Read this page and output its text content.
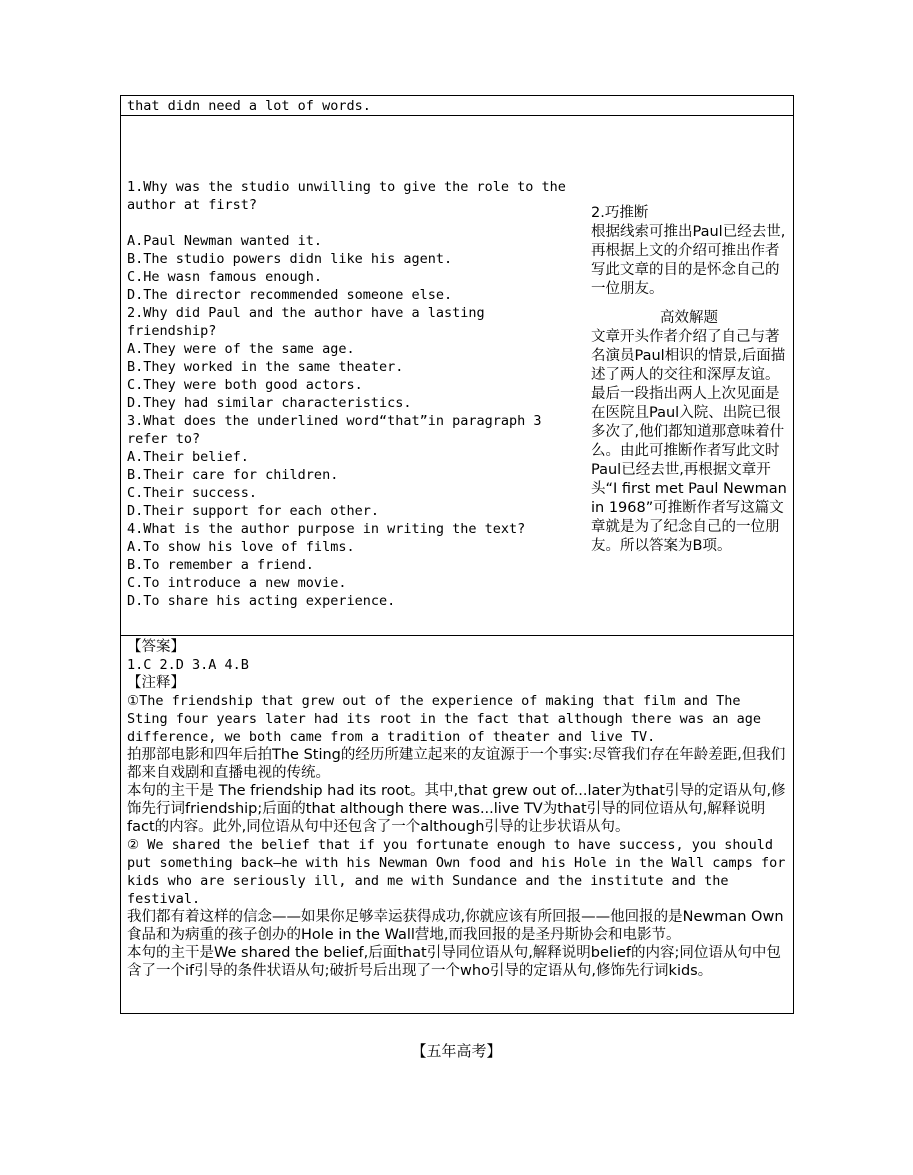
that didn need a lot of words.

1.Why was the studio unwilling to give the role to the author at first?

A.Paul Newman wanted it.

B.The studio powers didn like his agent.

C.He wasn famous enough.

D.The director recommended someone else.

2.Why did Paul and the author have a lasting friendship?

A.They were of the same age.

B.They worked in the same theater.

C.They were both good actors.

D.They had similar characteristics.

3.What does the underlined word“that”in paragraph 3 refer to?

A.Their belief.

B.Their care for children.

C.Their success.

D.Their support for each other.

4.What is the author purpose in writing the text?

A.To show his love of films.

B.To remember a friend.

C.To introduce a new movie.

D.To share his acting experience.

2.巧推断
根据线索可推出Paul已经去世,再根据上文的介绍可推出作者写此文章的目的是怀念自己的一位朋友。
高效解题
文章开头作者介绍了自己与著名演员Paul相识的情景,后面描述了两人的交往和深厚友谊。最后一段指出两人上次见面是在医院且Paul入院、出院已很多次了,他们都知道那意味着什么。由此可推断作者写此文时Paul已经去世,再根据文章开头“I first met Paul Newman in 1968”可推断作者写这篇文章就是为了纪念自己的一位朋友。所以答案为B项。

【答案】

1.C 2.D 3.A 4.B

【注释】

①The friendship that grew out of the experience of making that film and The Sting four years later had its root in the fact that although there was an age difference, we both came from a tradition of theater and live TV.

拍那部电影和四年后拍The Sting的经历所建立起来的友谊源于一个事实:尽管我们存在年龄差距,但我们都来自戏剧和直播电视的传统。

本句的主干是 The friendship had its root。其中,that grew out of...later为that引导的定语从句,修饰先行词friendship;后面的that although there was...live TV为that引导的同位语从句,解释说明fact的内容。此外,同位语从句中还包含了一个although引导的让步状语从句。

② We shared the belief that if you fortunate enough to have success, you should put something back—he with his Newman Own food and his Hole in the Wall camps for kids who are seriously ill, and me with Sundance and the institute and the festival.

我们都有着这样的信念——如果你足够幸运获得成功,你就应该有所回报——他回报的是Newman Own食品和为病重的孩子创办的Hole in the Wall营地,而我回报的是圣丹斯协会和电影节。

本句的主干是We shared the belief,后面that引导同位语从句,解释说明belief的内容;同位语从句中包含了一个if引导的条件状语从句;破折号后出现了一个who引导的定语从句,修饰先行词kids。

【五年高考】
